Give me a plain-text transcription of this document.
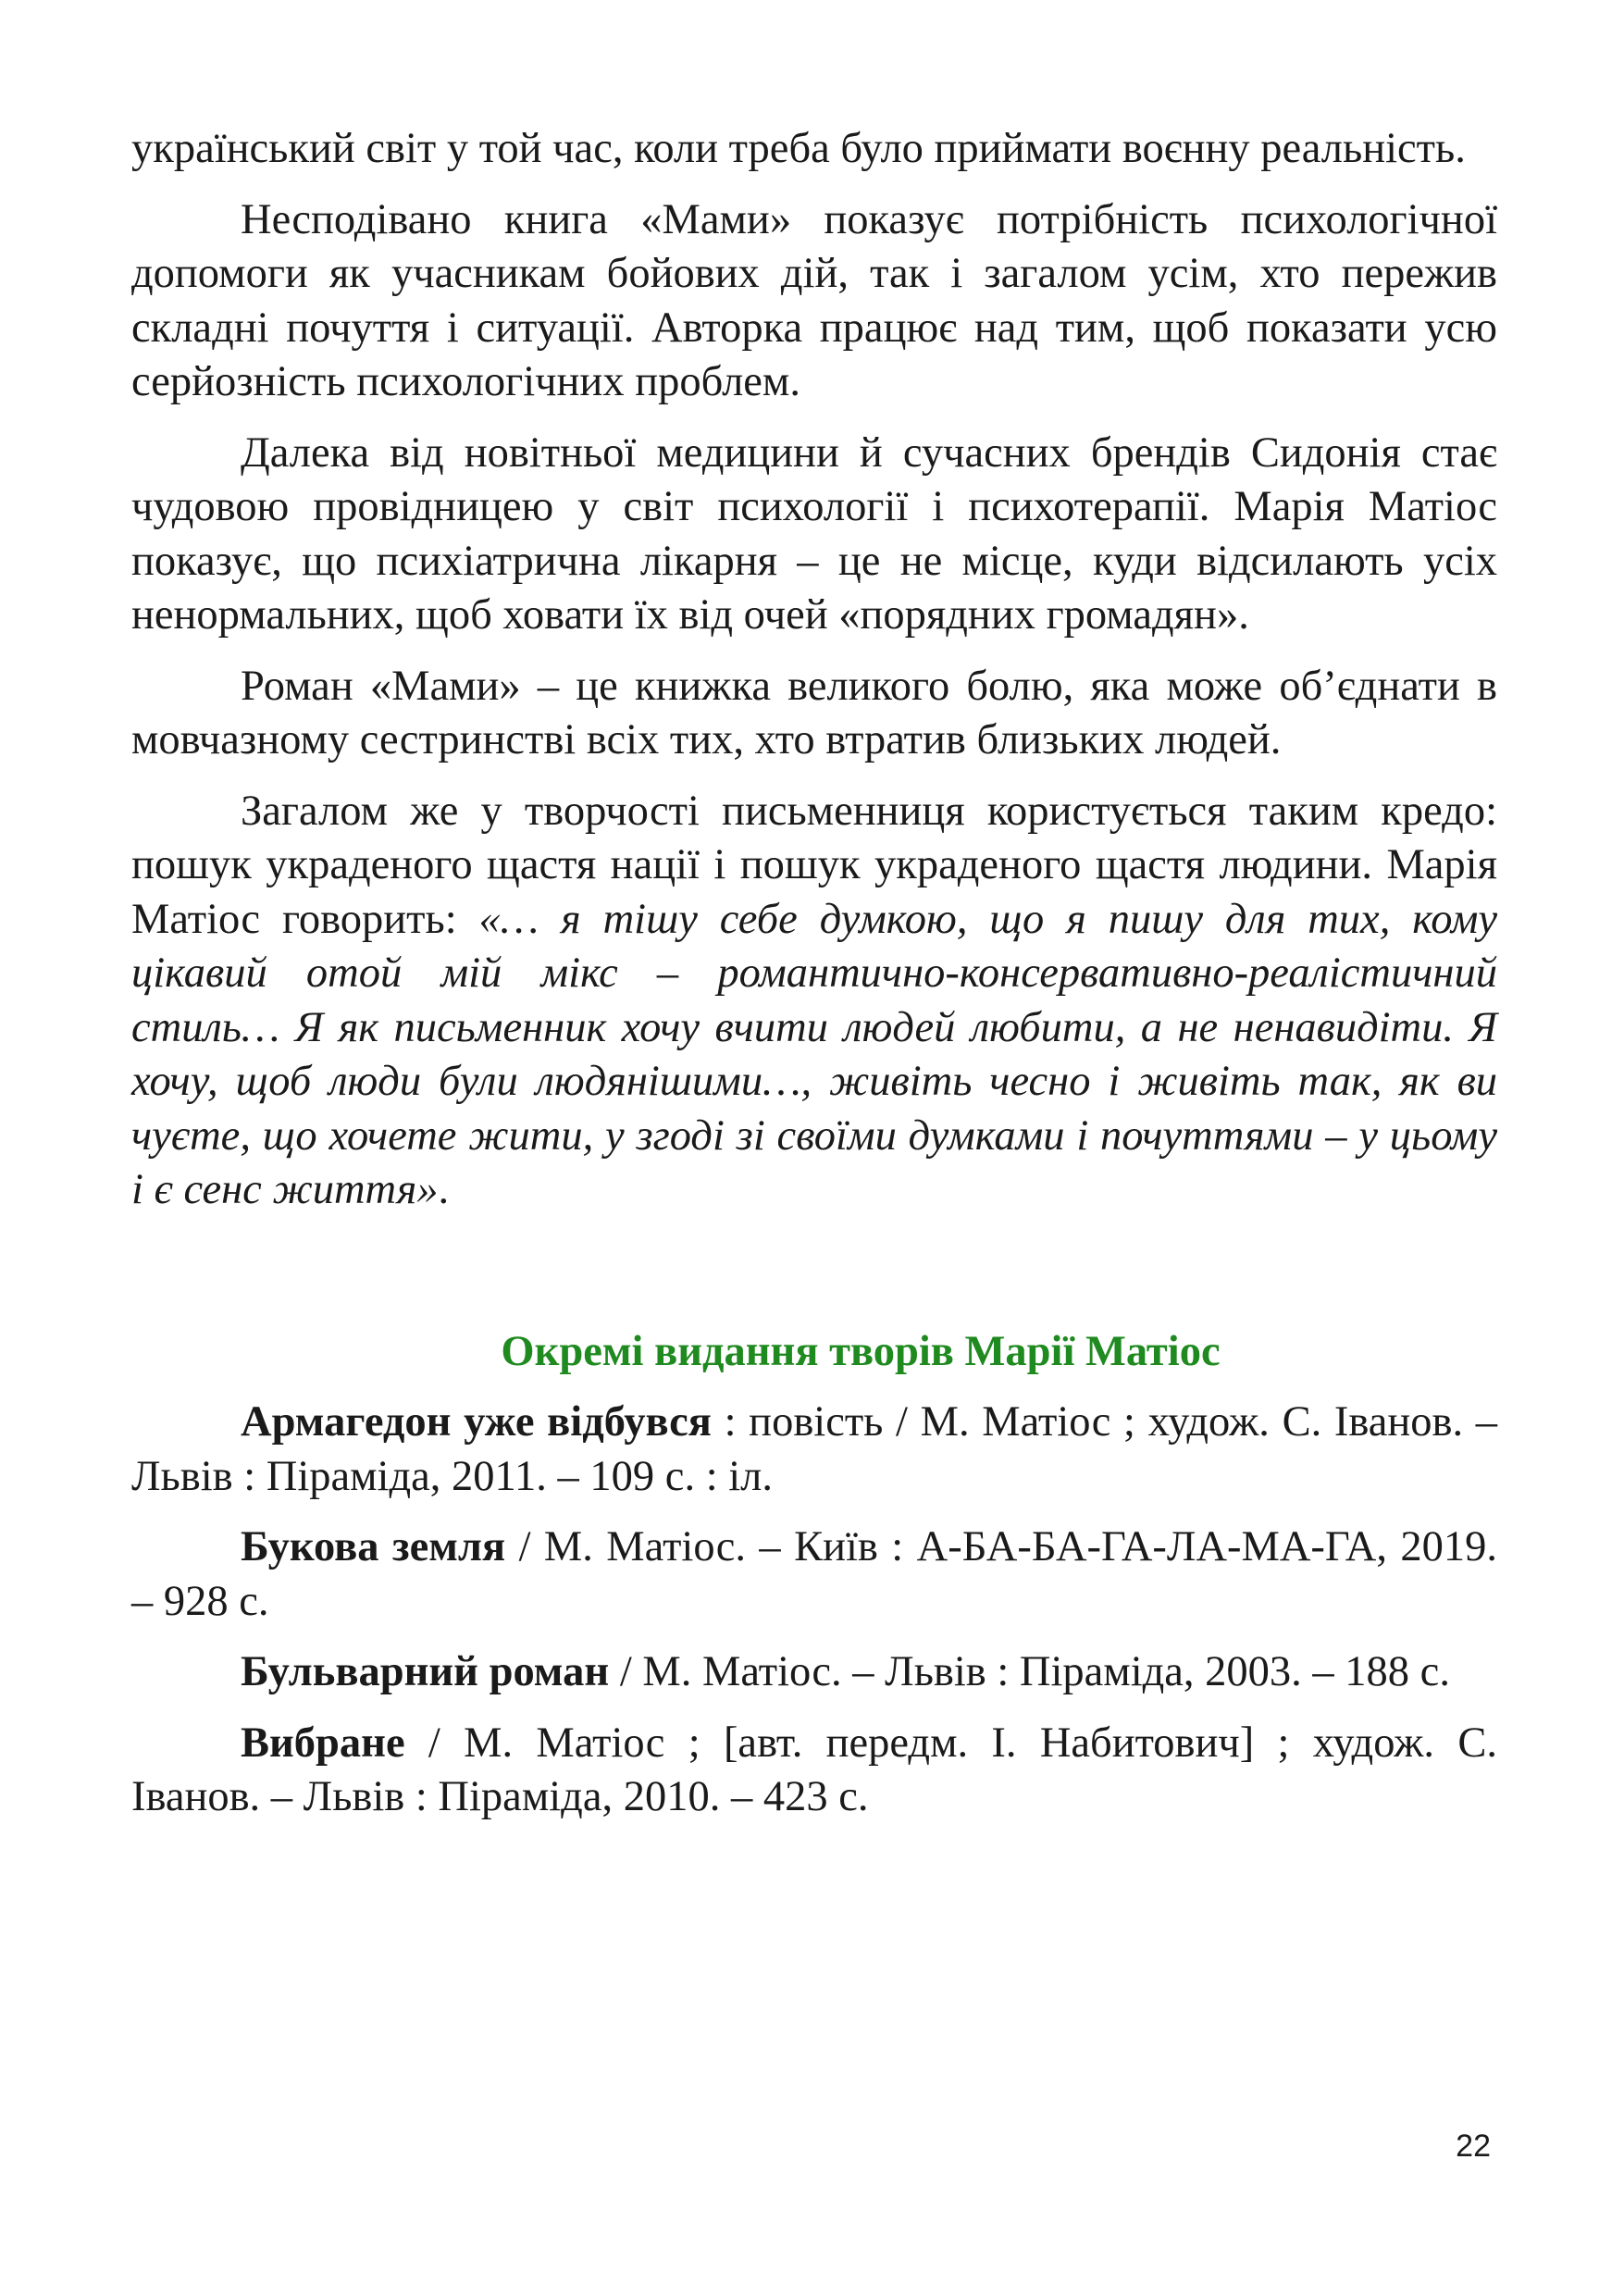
український світ у той час, коли треба було приймати воєнну реальність.

Несподівано книга «Мами» показує потрібність психологічної допомоги як учасникам бойових дій, так і загалом усім, хто пережив складні почуття і ситуації. Авторка працює над тим, щоб показати усю серйозність психологічних проблем.

Далека від новітньої медицини й сучасних брендів Сидонія стає чудовою провідницею у світ психології і психотерапії. Марія Матіос показує, що психіатрична лікарня – це не місце, куди відсилають усіх ненормальних, щоб ховати їх від очей «порядних громадян».

Роман «Мами» – це книжка великого болю, яка може об’єднати в мовчазному сестринстві всіх тих, хто втратив близьких людей.

Загалом же у творчості письменниця користується таким кредо: пошук украденого щастя нації і пошук украденого щастя людини. Марія Матіос говорить: «… я тішу себе думкою, що я пишу для тих, кому цікавий отой мій мікс – романтично-консервативно-реалістичний стиль… Я як письменник хочу вчити людей любити, а не ненавидіти. Я хочу, щоб люди були людянішими…, живіть чесно і живіть так, як ви чуєте, що хочете жити, у згоді зі своїми думками і почуттями – у цьому і є сенс життя».

Окремі видання творів Марії Матіос

Армагедон уже відбувся : повість / М. Матіос ; худож. С. Іванов. – Львів : Піраміда, 2011. – 109 с. : іл.

Букова земля / М. Матіос. – Київ : А-БА-БА-ГА-ЛА-МА-ГА, 2019. – 928 с.

Бульварний роман / М. Матіос. – Львів : Піраміда, 2003. – 188 с.

Вибране / М. Матіос ; [авт. передм. І. Набитович] ; худож. С. Іванов. – Львів : Піраміда, 2010. – 423 с.

22
